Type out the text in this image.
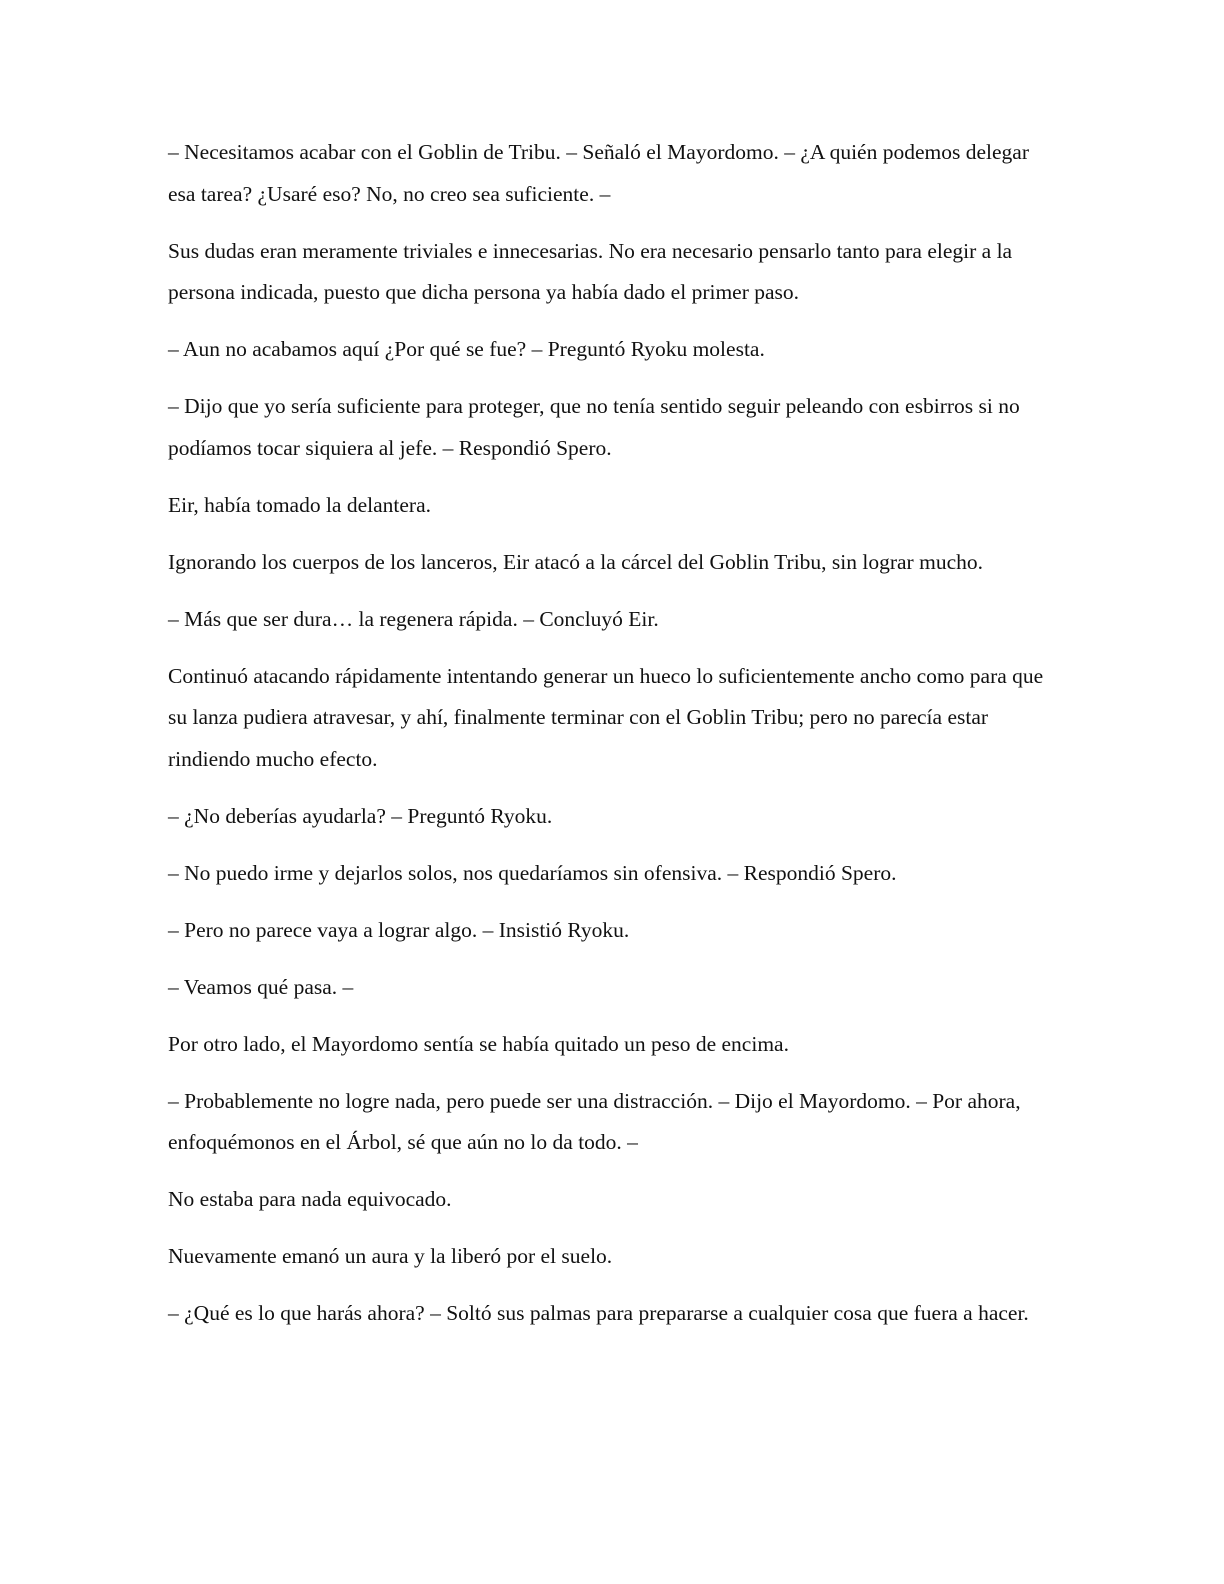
– Necesitamos acabar con el Goblin de Tribu. – Señaló el Mayordomo. – ¿A quién podemos delegar esa tarea? ¿Usaré eso? No, no creo sea suficiente. –

Sus dudas eran meramente triviales e innecesarias. No era necesario pensarlo tanto para elegir a la persona indicada, puesto que dicha persona ya había dado el primer paso.

– Aun no acabamos aquí ¿Por qué se fue? – Preguntó Ryoku molesta.

– Dijo que yo sería suficiente para proteger, que no tenía sentido seguir peleando con esbirros si no podíamos tocar siquiera al jefe. – Respondió Spero.

Eir, había tomado la delantera.

Ignorando los cuerpos de los lanceros, Eir atacó a la cárcel del Goblin Tribu, sin lograr mucho.

– Más que ser dura… la regenera rápida. – Concluyó Eir.

Continuó atacando rápidamente intentando generar un hueco lo suficientemente ancho como para que su lanza pudiera atravesar, y ahí, finalmente terminar con el Goblin Tribu; pero no parecía estar rindiendo mucho efecto.

– ¿No deberías ayudarla? – Preguntó Ryoku.

– No puedo irme y dejarlos solos, nos quedaríamos sin ofensiva. – Respondió Spero.

– Pero no parece vaya a lograr algo. – Insistió Ryoku.

– Veamos qué pasa. –

Por otro lado, el Mayordomo sentía se había quitado un peso de encima.

– Probablemente no logre nada, pero puede ser una distracción. – Dijo el Mayordomo. – Por ahora, enfoquémonos en el Árbol, sé que aún no lo da todo. –

No estaba para nada equivocado.

Nuevamente emanó un aura y la liberó por el suelo.

– ¿Qué es lo que harás ahora? – Soltó sus palmas para prepararse a cualquier cosa que fuera a hacer.
